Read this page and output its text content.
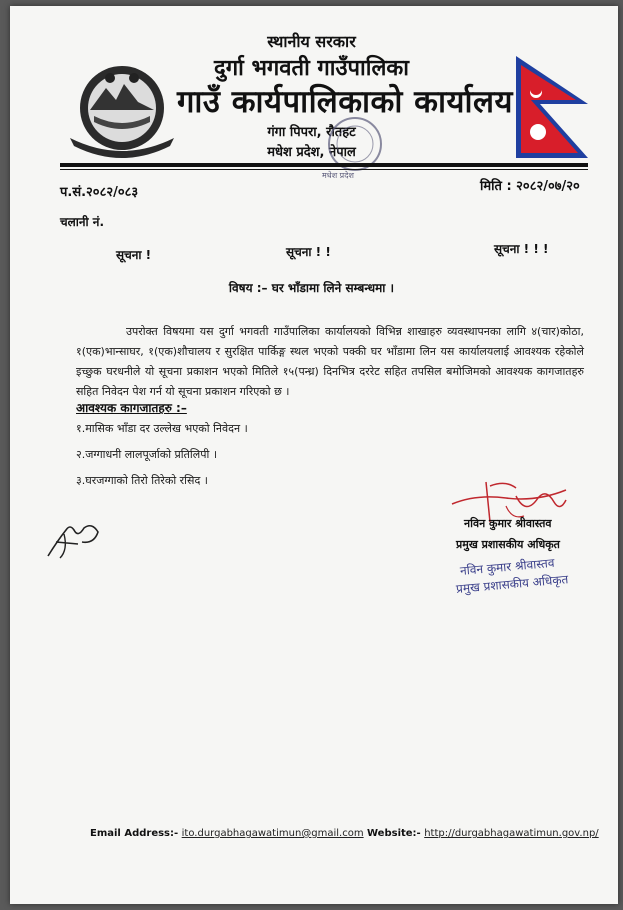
स्थानीय सरकार
दुर्गा भगवती गाउँपालिका
गाउँ कार्यपालिकाको कार्यालय
गंगा पिपरा, रौतहट
मधेश प्रदेश, नेपाल
मधेश प्रदेश
प.सं.२०८२/०८३	मिति : २०८२/०७/२०
चलानी नं.
सूचना !	सूचना ! !	सूचना ! ! !
विषय :– घर भाँडामा लिने सम्बन्धमा ।
उपरोक्त विषयमा यस दुर्गा भगवती गाउँपालिका कार्यालयको विभिन्न शाखाहरु व्यवस्थापनका लागि ४(चार)कोठा, १(एक)भान्साघर, १(एक)शौचालय र सुरक्षित पार्किङ्ग स्थल भएको पक्की घर भाँडामा लिन यस कार्यालयलाई आवश्यक रहेकोले इच्छुक घरधनीले यो सूचना प्रकाशन भएको मितिले १५(पन्ध्र) दिनभित्र दररेट सहित तपसिल बमोजिमको आवश्यक कागजातहरु सहित निवेदन पेश गर्न यो सूचना प्रकाशन गरिएको छ ।
आवश्यक कागजातहरु :–
१.मासिक भाँडा दर उल्लेख भएको निवेदन ।
२.जग्गाधनी लालपूर्जाको प्रतिलिपी ।
३.घरजग्गाको तिरो तिरेको रसिद ।
नविन कुमार श्रीवास्तव
प्रमुख प्रशासकीय अधिकृत
नविन कुमार श्रीवास्तव
प्रमुख प्रशासकीय अधिकृत
Email Address:- ito.durgabhagawatimun@gmail.com Website:- http://durgabhagawatimun.gov.np/
